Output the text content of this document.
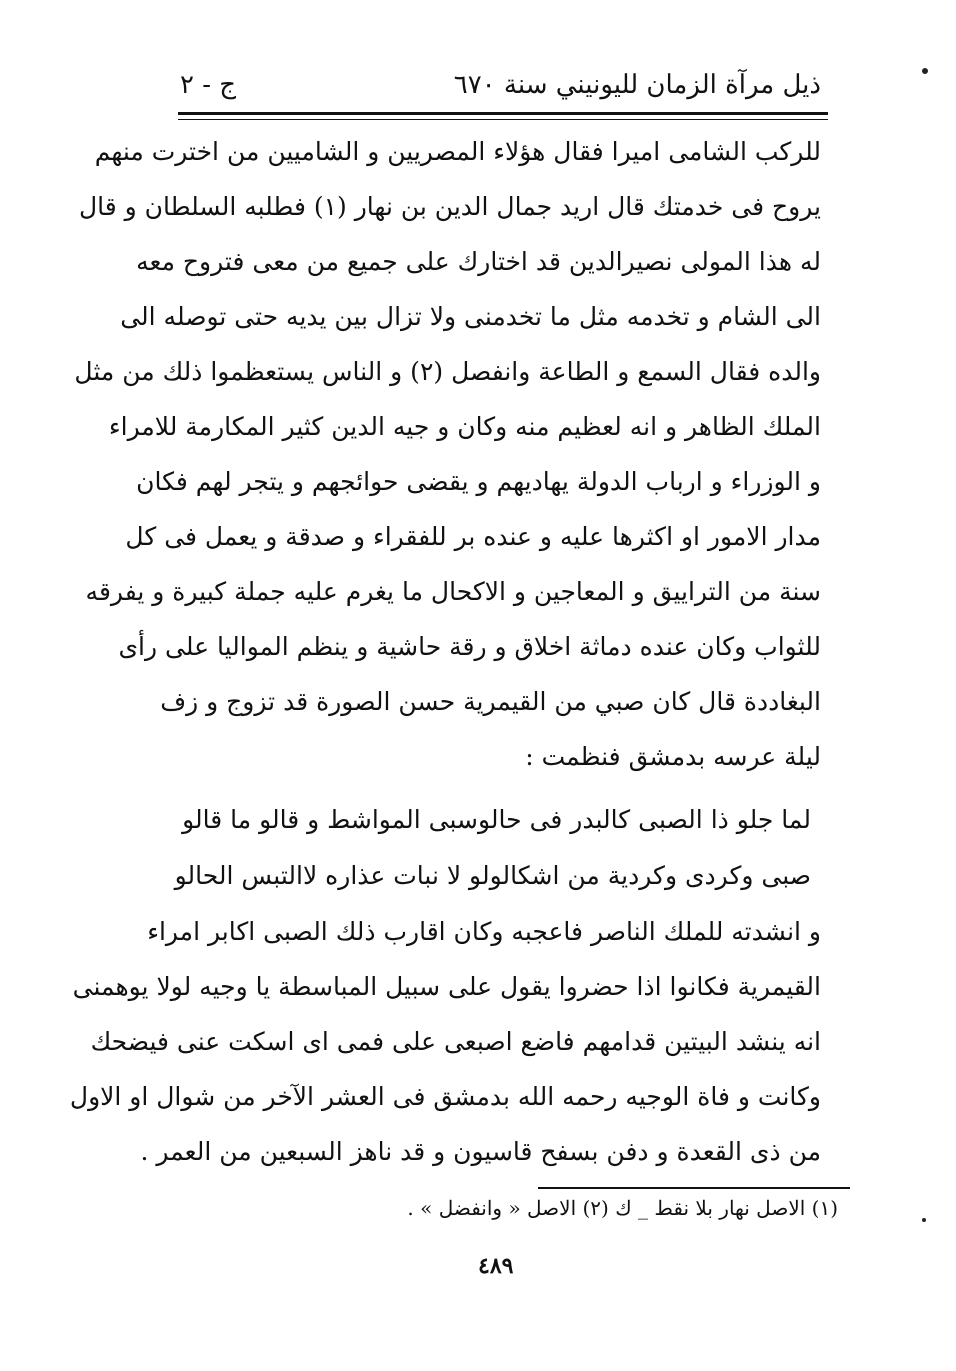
ذيل مرآة الزمان لليونيني سنة ٦٧٠
ج - ٢
للركب الشامى اميرا فقال هؤلاء المصريين و الشاميين من اخترت منهم
يروح فى خدمتك قال اريد جمال الدين بن نهار (١) فطلبه السلطان و قال
له هذا المولى نصيرالدين قد اختارك على جميع من معى فتروح معه
الى الشام و تخدمه مثل ما تخدمنى ولا تزال بين يديه حتى توصله الى
والده فقال السمع و الطاعة وانفصل (٢) و الناس يستعظموا ذلك من مثل
الملك الظاهر و انه لعظيم منه وكان و جيه الدين كثير المكارمة للامراء
و الوزراء و ارباب الدولة يهاديهم و يقضى حوائجهم و يتجر لهم فكان
مدار الامور او اكثرها عليه و عنده بر للفقراء و صدقة و يعمل فى كل
سنة من التراييق و المعاجين و الاكحال ما يغرم عليه جملة كبيرة و يفرقه
للثواب وكان عنده دماثة اخلاق و رقة حاشية و ينظم المواليا على رأى
البغاددة قال كان صبي من القيمرية حسن الصورة قد تزوج و زف
ليلة عرسه بدمشق فنظمت :
لما جلو ذا الصبى كالبدر فى حالو
سبى المواشط و قالو ما قالو
صبى وكردى وكردية من اشكالو
لو لا نبات عذاره لاالتبس الحالو
و انشدته للملك الناصر فاعجبه وكان اقارب ذلك الصبى اكابر امراء
القيمرية فكانوا اذا حضروا يقول على سبيل المباسطة يا وجيه لولا يوهمنى
انه ينشد البيتين قدامهم فاضع اصبعى على فمى اى اسكت عنى فيضحك
وكانت و فاة الوجيه رحمه الله بدمشق فى العشر الآخر من شوال او الاول
من ذى القعدة و دفن بسفح قاسيون و قد ناهز السبعين من العمر .
(١) الاصل نهار بلا نقط _ ك (٢) الاصل « وانفضل » .
٤٨٩
